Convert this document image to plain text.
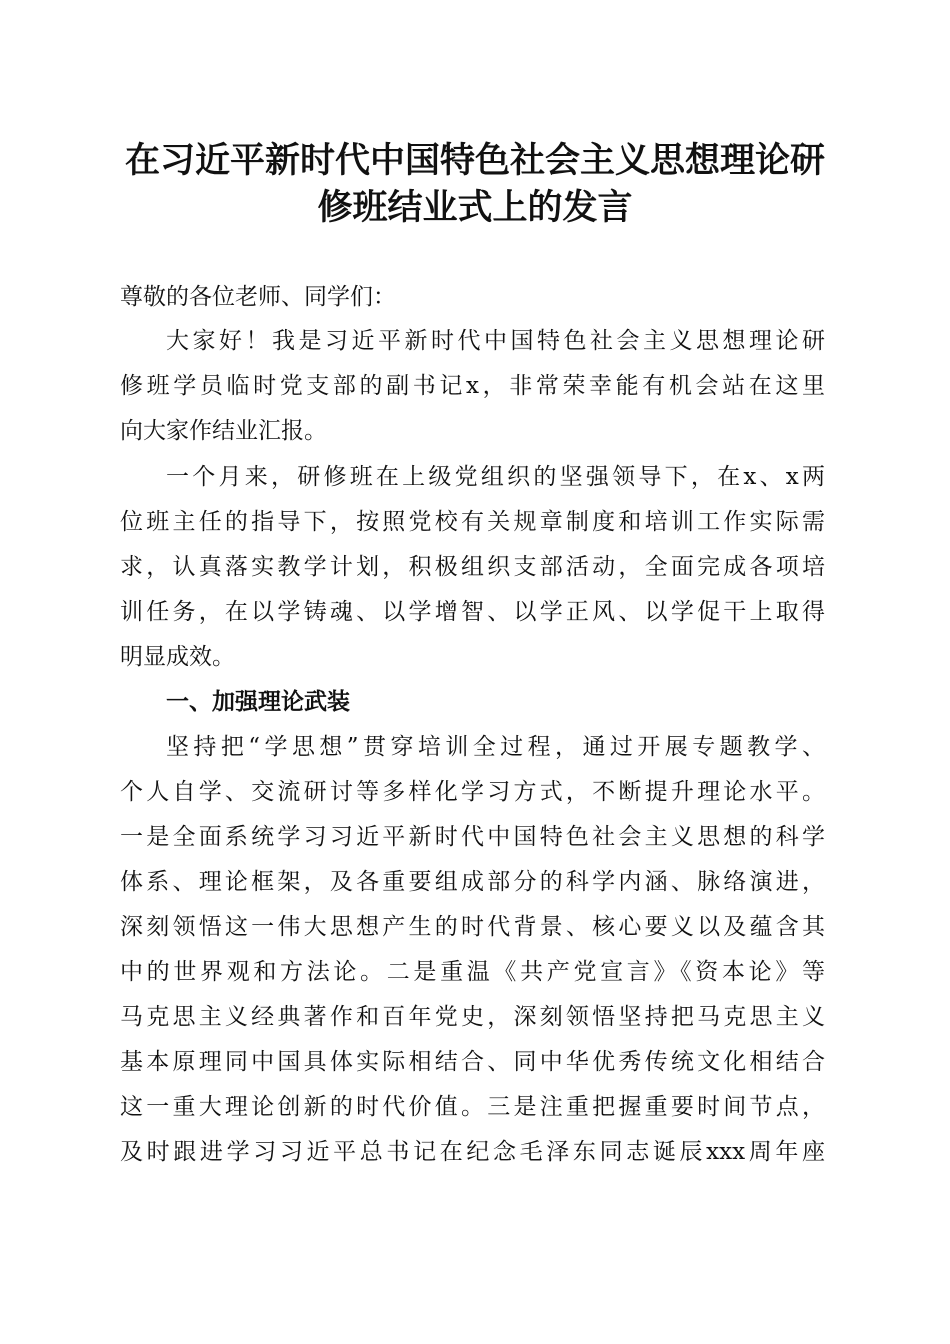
在习近平新时代中国特色社会主义思想理论研
修班结业式上的发言
尊敬的各位老师、同学们：
大家好！我是习近平新时代中国特色社会主义思想理论研
修班学员临时党支部的副书记x，非常荣幸能有机会站在这里
向大家作结业汇报。
一个月来，研修班在上级党组织的坚强领导下，在x、x两
位班主任的指导下，按照党校有关规章制度和培训工作实际需
求，认真落实教学计划，积极组织支部活动，全面完成各项培
训任务，在以学铸魂、以学增智、以学正风、以学促干上取得
明显成效。
一、加强理论武装
坚持把“学思想”贯穿培训全过程，通过开展专题教学、
个人自学、交流研讨等多样化学习方式，不断提升理论水平。
一是全面系统学习习近平新时代中国特色社会主义思想的科学
体系、理论框架，及各重要组成部分的科学内涵、脉络演进，
深刻领悟这一伟大思想产生的时代背景、核心要义以及蕴含其
中的世界观和方法论。二是重温《共产党宣言》《资本论》等
马克思主义经典著作和百年党史，深刻领悟坚持把马克思主义
基本原理同中国具体实际相结合、同中华优秀传统文化相结合
这一重大理论创新的时代价值。三是注重把握重要时间节点，
及时跟进学习习近平总书记在纪念毛泽东同志诞辰xxx周年座
